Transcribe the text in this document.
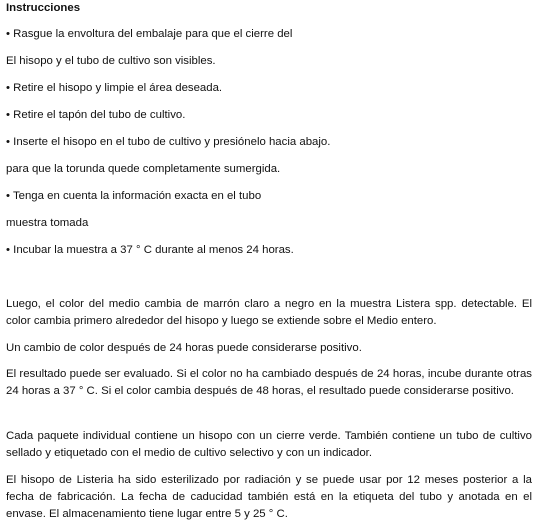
Instrucciones
• Rasgue la envoltura del embalaje para que el cierre del
El hisopo y el tubo de cultivo son visibles.
• Retire el hisopo y limpie el área deseada.
• Retire el tapón del tubo de cultivo.
• Inserte el hisopo en el tubo de cultivo y presiónelo hacia abajo.
para que la torunda quede completamente sumergida.
• Tenga en cuenta la información exacta en el tubo
muestra tomada
• Incubar la muestra a 37 ° C durante al menos 24 horas.
Luego, el color del medio cambia de marrón claro a negro en la muestra Listera spp. detectable. El color cambia primero alrededor del hisopo y luego se extiende sobre el Medio entero.
Un cambio de color después de 24 horas puede considerarse positivo.
El resultado puede ser evaluado. Si el color no ha cambiado después de 24 horas, incube durante otras 24 horas a 37 ° C. Si el color cambia después de 48 horas, el resultado puede considerarse positivo.
Cada paquete individual contiene un hisopo con un cierre verde. También contiene un tubo de cultivo sellado y etiquetado con el medio de cultivo selectivo y con un indicador.
El hisopo de Listeria ha sido esterilizado por radiación y se puede usar por 12 meses posterior a la fecha de fabricación. La fecha de caducidad también está en la etiqueta del tubo y anotada en el envase. El almacenamiento tiene lugar entre 5 y 25 ° C.
